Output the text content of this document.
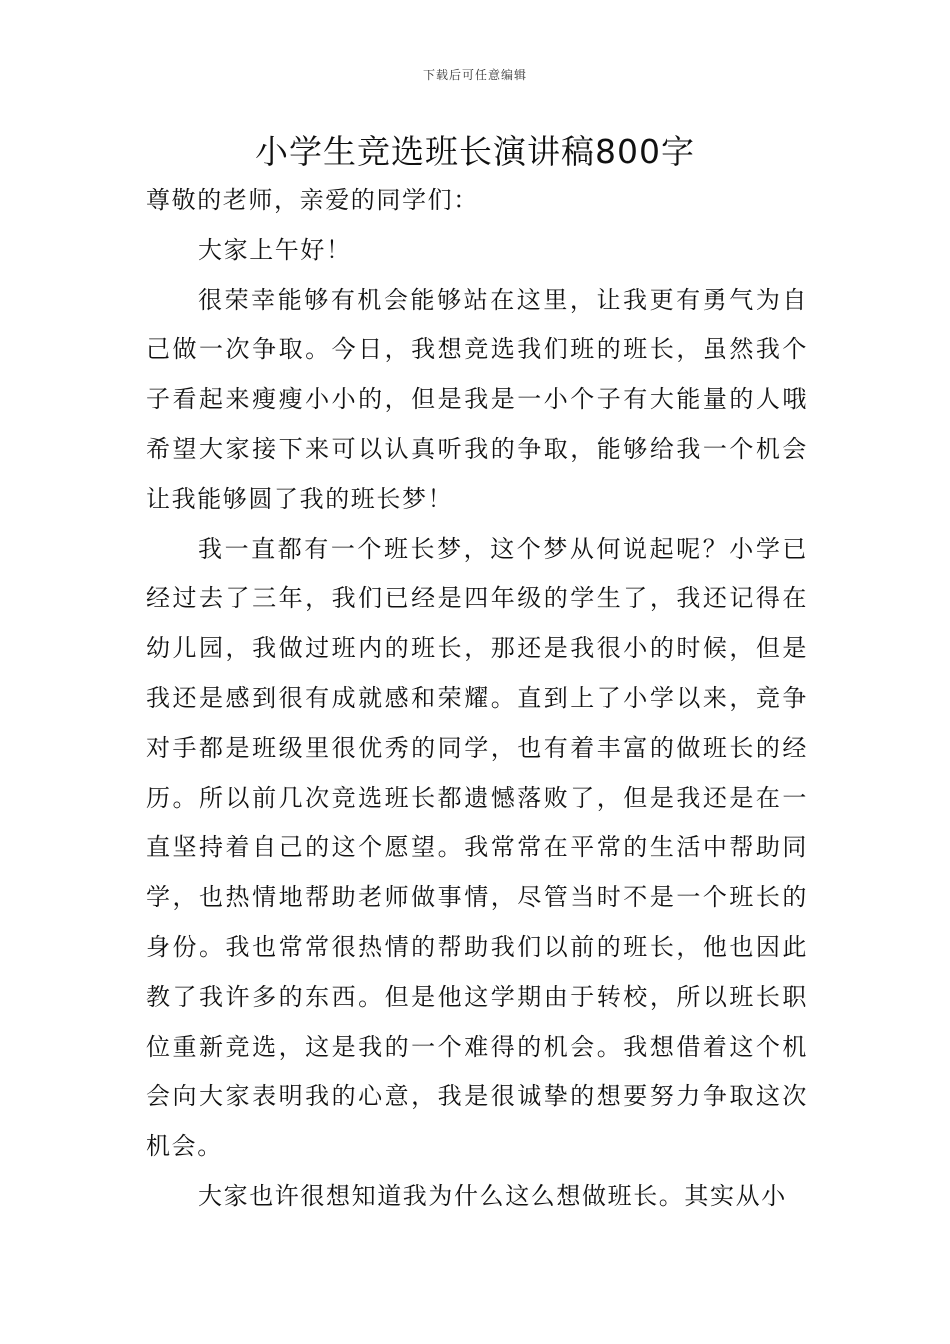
下载后可任意编辑
小学生竞选班长演讲稿800字

尊敬的老师，亲爱的同学们：

大家上午好！

很荣幸能够有机会能够站在这里，让我更有勇气为自己做一次争取。今日，我想竞选我们班的班长，虽然我个子看起来瘦瘦小小的，但是我是一小个子有大能量的人哦希望大家接下来可以认真听我的争取，能够给我一个机会让我能够圆了我的班长梦！

我一直都有一个班长梦，这个梦从何说起呢？小学已经过去了三年，我们已经是四年级的学生了，我还记得在幼儿园，我做过班内的班长，那还是我很小的时候，但是我还是感到很有成就感和荣耀。直到上了小学以来，竞争对手都是班级里很优秀的同学，也有着丰富的做班长的经历。所以前几次竞选班长都遗憾落败了，但是我还是在一直坚持着自己的这个愿望。我常常在平常的生活中帮助同学，也热情地帮助老师做事情，尽管当时不是一个班长的身份。我也常常很热情的帮助我们以前的班长，他也因此教了我许多的东西。但是他这学期由于转校，所以班长职位重新竞选，这是我的一个难得的机会。我想借着这个机会向大家表明我的心意，我是很诚挚的想要努力争取这次机会。

大家也许很想知道我为什么这么想做班长。其实从小
